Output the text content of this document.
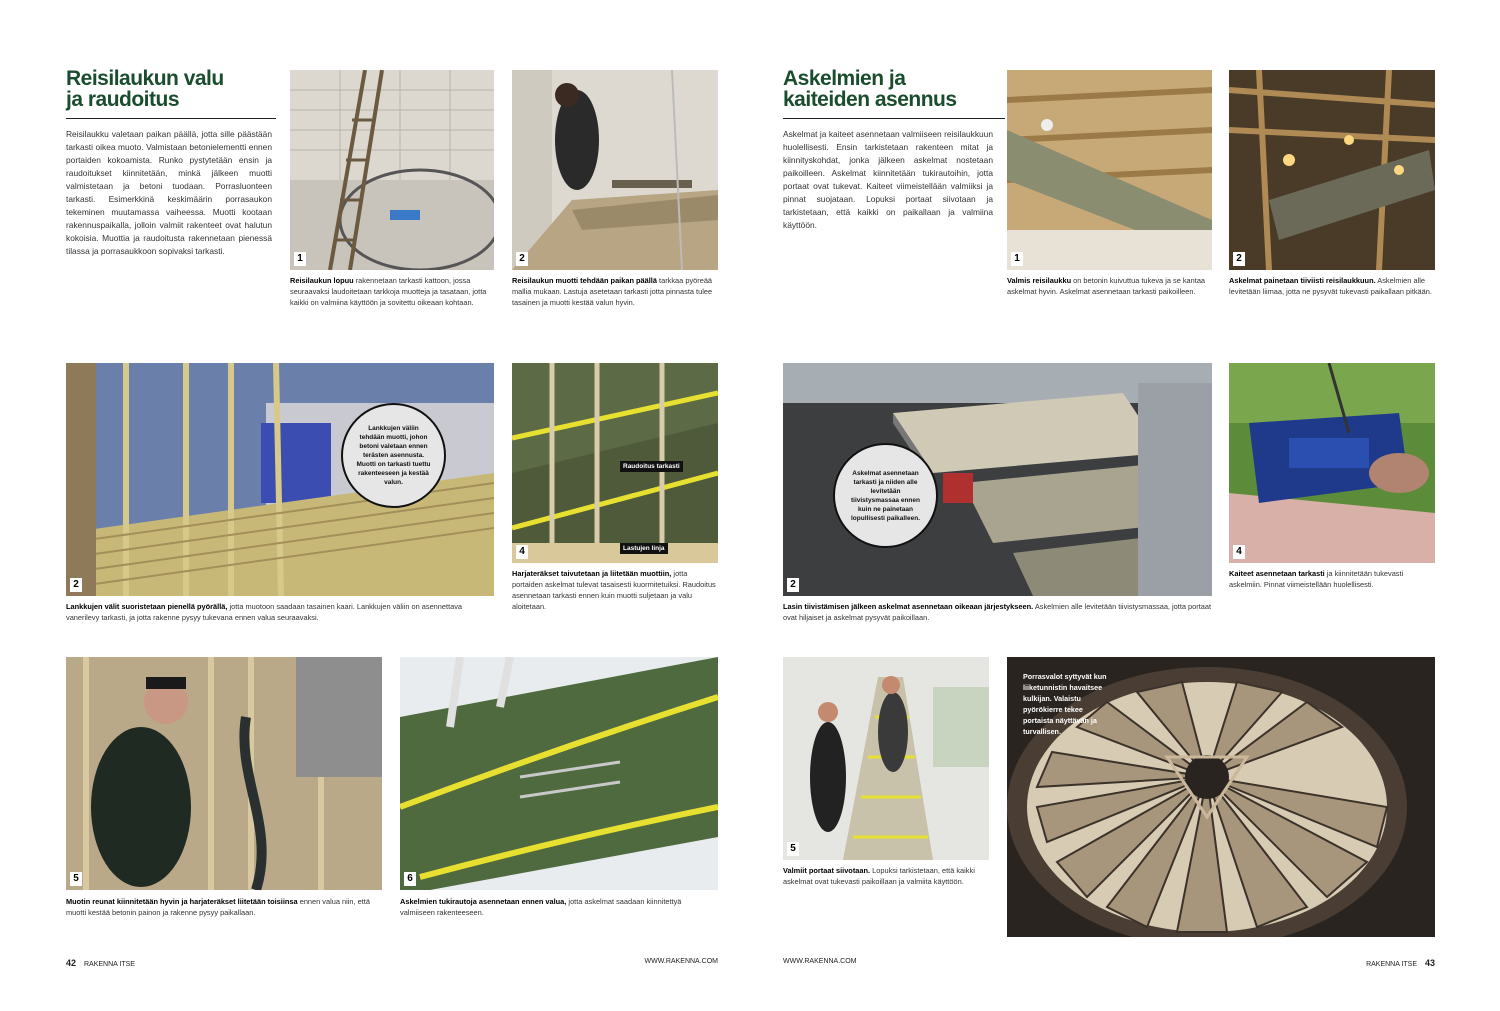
Reisilaukun valu
ja raudoitus
Reisilaukku valetaan paikan päällä, jotta sille päästään tarkasti oikea muoto. Valmistaan betonielementti ennen portaiden kokoamista. Runko pystytetään ensin ja raudoitukset kiinnitetään, minkä jälkeen muotti valmistetaan ja betoni tuodaan. Porrasluonteen tarkasti. Esimerkkinä keskimäärin porrasaukon tekeminen muutamassa vaiheessa. Muotti kootaan rakennuspaikalla, jolloin valmiit rakenteet ovat halutun kokoisia. Muottia ja raudoitusta rakennetaan pienessä tilassa ja porrasaukkoon sopivaksi tarkasti.
1
Reisilaukun lopuu rakennetaan tarkasti kattoon, jossa seuraavaksi laudoitetaan tarkkoja muotteja ja tasataan, jotta kaikki on valmiina käyttöön ja sovitettu oikeaan kohtaan.
2
Reisilaukun muotti tehdään paikan päällä tarkkaa pyöreää mallia mukaan. Lastuja asetetaan tarkasti jotta pinnasta tulee tasainen ja muotti kestää valun hyvin.
Lankkujen väliin tehdään muotti, johon betoni valetaan ennen terästen asennusta. Muotti on tarkasti tuettu rakenteeseen ja kestää valun.
2
Lankkujen välit suoristetaan pienellä pyörällä, jotta muotoon saadaan tasainen kaari. Lankkujen väliin on asennettava vanerilevy tarkasti, ja jotta rakenne pysyy tukevana ennen valua seuraavaksi.
Raudoitus tarkasti
Lastujen linja
4
Harjateräkset taivutetaan ja liitetään muottiin, jotta portaiden askelmat tulevat tasaisesti kuormitetuiksi. Raudoitus asennetaan tarkasti ennen kuin muotti suljetaan ja valu aloitetaan.
5
Muotin reunat kiinnitetään hyvin ja harjateräkset liitetään toisiinsa ennen valua niin, että muotti kestää betonin painon ja rakenne pysyy paikallaan.
6
Askelmien tukirautoja asennetaan ennen valua, jotta askelmat saadaan kiinnitettyä valmiiseen rakenteeseen.
42 RAKENNA ITSE	WWW.RAKENNA.COM
Askelmien ja
kaiteiden asennus
Askelmat ja kaiteet asennetaan valmiiseen reisilaukkuun huolellisesti. Ensin tarkistetaan rakenteen mitat ja kiinnityskohdat, jonka jälkeen askelmat nostetaan paikoilleen. Askelmat kiinnitetään tukirautoihin, jotta portaat ovat tukevat. Kaiteet viimeistellään valmiiksi ja pinnat suojataan. Lopuksi portaat siivotaan ja tarkistetaan, että kaikki on paikallaan ja valmiina käyttöön.
1
Valmis reisilaukku on betonin kuivuttua tukeva ja se kantaa askelmat hyvin. Askelmat asennetaan tarkasti paikoilleen.
2
Askelmat painetaan tiiviisti reisilaukkuun. Askelmien alle levitetään liimaa, jotta ne pysyvät tukevasti paikallaan pitkään.
Askelmat asennetaan tarkasti ja niiden alle levitetään tiivistysmassaa ennen kuin ne painetaan lopullisesti paikalleen.
2
Lasin tiivistämisen jälkeen askelmat asennetaan oikeaan järjestykseen. Askelmien alle levitetään tiivistysmassaa, jotta portaat ovat hiljaiset ja askelmat pysyvät paikoillaan.
4
Kaiteet asennetaan tarkasti ja kiinnitetään tukevasti askelmiin. Pinnat viimeistellään huolellisesti.
5
Valmiit portaat siivotaan. Lopuksi tarkistetaan, että kaikki askelmat ovat tukevasti paikoillaan ja valmiita käyttöön.
Porrasvalot syttyvät kun liiketunnistin havaitsee kulkijan. Valaistu pyörökierre tekee portaista näyttävän ja turvallisen.
WWW.RAKENNA.COM	RAKENNA ITSE 43
